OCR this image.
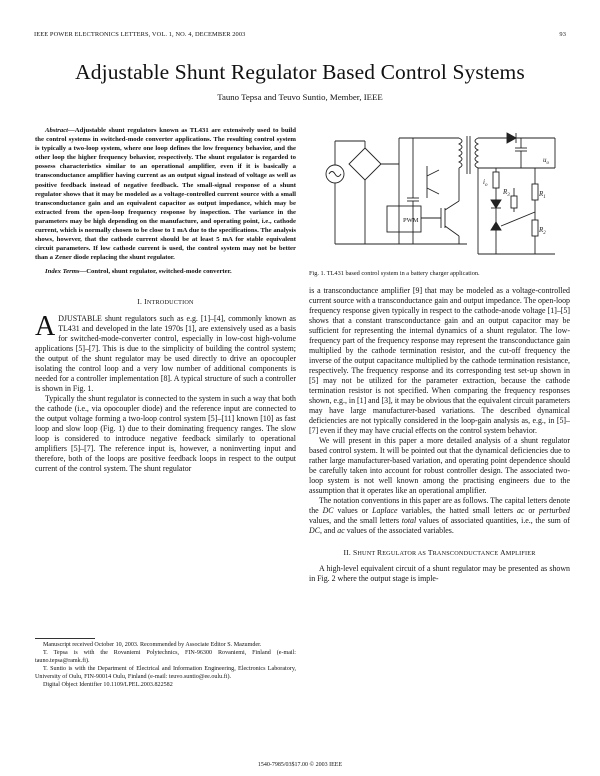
IEEE POWER ELECTRONICS LETTERS, VOL. 1, NO. 4, DECEMBER 2003	93
Adjustable Shunt Regulator Based Control Systems
Tauno Tepsa and Teuvo Suntio, Member, IEEE

Abstract—Adjustable shunt regulators known as TL431 are extensively used to build the control systems in switched-mode converter applications. The resulting control system is typically a two-loop system, where one loop defines the low frequency behavior, and the other loop the higher frequency behavior, respectively. The shunt regulator is regarded to possess characteristics similar to an operational amplifier, even if it is basically a transconductance amplifier having current as an output signal instead of voltage as well as positive feedback instead of negative feedback. The small-signal response of a shunt regulator shows that it may be modeled as a voltage-controlled current source with a small transconductance gain and an equivalent capacitor as output impedance, which may be extracted from the open-loop frequency response by inspection. The variance in the parameters may be high depending on the manufacture, and operating point, i.e., cathode current, which is normally chosen to be close to 1 mA due to the specifications. The analysis shows, however, that the cathode current should be at least 5 mA for stable equivalent circuit parameters. If low cathode current is used, the control system may not be better than a Zener diode replacing the shunt regulator.

Index Terms—Control, shunt regulator, switched-mode converter.

I. INTRODUCTION

ADJUSTABLE shunt regulators such as e.g. [1]–[4], commonly known as TL431 and developed in the late 1970s [1], are extensively used as a basis for switched-mode-converter control, especially in low-cost high-volume applications [5]–[7]. This is due to the simplicity of building the control system; the output of the shunt regulator may be used directly to drive an opocoupler isolating the control loop and a very low number of additional components is needed for a controller implementation [8]. A typical structure of such a controller is shown in Fig. 1.

Typically the shunt regulator is connected to the system in such a way that both the cathode (i.e., via opocoupler diode) and the reference input are connected to the output voltage forming a two-loop control system [5]–[11] known [10] as fast loop and slow loop (Fig. 1) due to their dominating frequency ranges. The slow loop is considered to introduce negative feedback similarly to operational amplifiers [5]–[7]. The reference input is, however, a noninverting input and therefore, both of the loops are positive feedback loops in respect to the output current of the control system. The shunt regulator

Manuscript received October 10, 2003. Recommended by Associate Editor S. Mazumder.

T. Tepsa is with the Rovaniemi Polytechnics, FIN-96300 Rovaniemi, Finland (e-mail: tauno.tepsa@ramk.fi).

T. Suntio is with the Department of Electrical and Information Engineering, Electronics Laboratory, University of Oulu, FIN-90014 Oulu, Finland (e-mail: teuvo.suntio@ee.oulu.fi).

Digital Object Identifier 10.1109/LPEL.2003.822582

PWM
$u_o$
$R_1$
$R_2$
$R_3$
$i_o$
Fig. 1. TL431 based control system in a battery charger application.

is a transconductance amplifier [9] that may be modeled as a voltage-controlled current source with a transconductance gain and output impedance. The open-loop frequency response given typically in respect to the cathode-anode voltage [1]–[5] shows that a constant transconductance gain and an output capacitor may be sufficient for representing the internal dynamics of a shunt regulator. The low-frequency part of the frequency response may represent the transconductance gain multiplied by the cathode termination resistor, and the cut-off frequency the inverse of the output capacitance multiplied by the cathode termination resistance, respectively. The frequency response and its corresponding test set-up shown in [5] may not be utilized for the parameter extraction, because the cathode termination resistor is not specified. When comparing the frequency responses shown, e.g., in [1] and [3], it may be obvious that the equivalent circuit parameters may have large manufacturer-based variations. The described dynamical deficiencies are not typically considered in the loop-gain analysis as, e.g., in [5]–[7] even if they may have crucial effects on the control system behavior.

We will present in this paper a more detailed analysis of a shunt regulator based control system. It will be pointed out that the dynamical deficiencies due to rather large manufacturer-based variation, and operating point dependence should be carefully taken into account for robust controller design. The associated two-loop system is not well known among the practising engineers due to the assumption that it operates like an operational amplifier.

The notation conventions in this paper are as follows. The capital letters denote the DC values or Laplace variables, the hatted small letters ac or perturbed values, and the small letters total values of associated quantities, i.e., the sum of DC, and ac values of the associated variables.

II. SHUNT REGULATOR AS TRANSCONDUCTANCE AMPLIFIER

A high-level equivalent circuit of a shunt regulator may be presented as shown in Fig. 2 where the output stage is imple-

1540-7985/03$17.00 © 2003 IEEE
